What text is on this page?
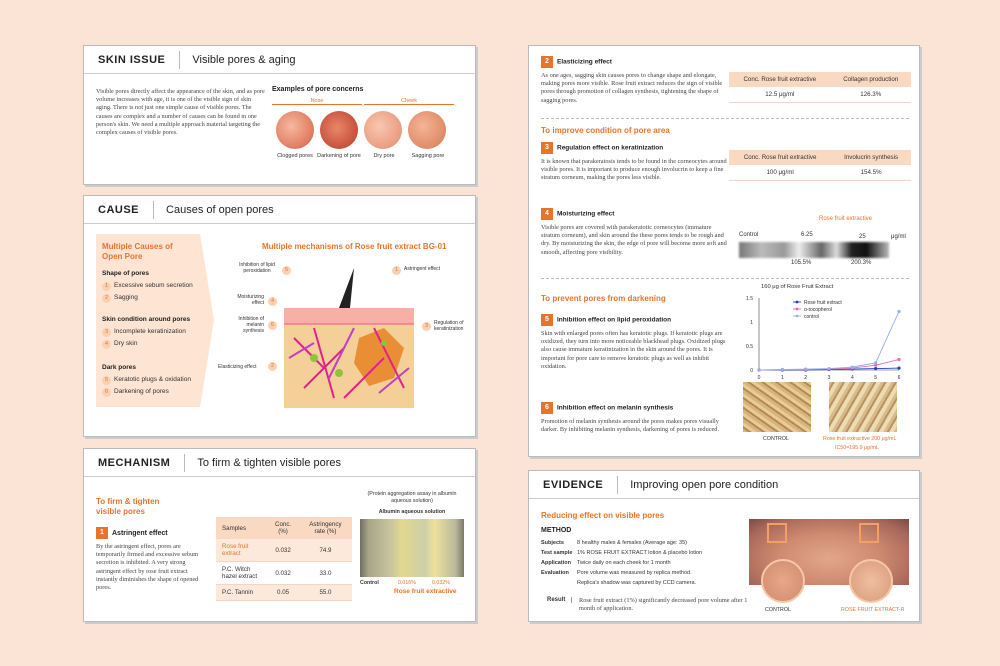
SKIN ISSUE	Visible pores & aging
Visible pores directly affect the appearance of the skin, and as pore volume increases with age, it is one of the visible sign of skin aging. There is not just one simple cause of visible pores. The causes are complex and a number of causes can be found in one person's skin. We need a multiple approach material targeting the complex causes of visible pores.
Examples of pore concerns
Nose	Cheek
Clogged pores Darkening of pore	Dry pore	Sagging pore
CAUSE	Causes of open pores
Multiple Causes of Open Pore
Shape of pores
1 Excessive sebum secretion
2 Sagging
Skin condition around pores
3 Incomplete keratinization
4 Dry skin
Dark pores
5 Keratotic plugs & oxidation
6 Darkening of pores
Multiple mechanisms of Rose fruit extract BG-01
Inhibition of lipid peroxidation	5	1	Astringent effect
Moisturizing effect	4
Inhibition of melanin synthesis
6	3	Regulation of keratinization
Elasticizing effect	2
MECHANISM	To firm & tighten visible pores
To firm & tighten visible pores
1 Astringent effect
By the astringent effect, pores are temporarily firmed and excessive sebum secretion is inhibited. A very strong astringent effect by rose fruit extract instantly diminishes the shape of opened pores.
Samples	Conc.(%)	Astringency rate (%)
Rose fruit extract	0.032	74.9
P.C. Witch hazel extract	0.032	33.0
P.C. Tannin	0.05	55.0
(Protein aggregation assay in albumin aqueous solution)
Albumin aqueous solution
Control	0.016%	0.032%
Rose fruit extractive
2 Elasticizing effect
As one ages, sagging skin causes pores to change shape and elongate, making pores more visible. Rose fruit extract reduces the sign of visible pores through promotion of collagen synthesis, tightening the shape of sagging pores.
Conc. Rose fruit extractive	Collagen production
12.5 μg/ml	126.3%
To improve condition of pore area
3 Regulation effect on keratinization
It is known that parakeratosis tends to be found in the corneocytes around visible pores. It is important to produce enough involucrin to keep a fine stratum corneum, making the pores less visible.
Conc. Rose fruit extractive	Involucrin synthesis
100 μg/ml	154.5%
4 Moisturizing effect
Visible pores are covered with parakeratotic corneocytes (immature stratum corneum), and skin around the these pores tends to be rough and dry. By moisturizing the skin, the edge of pore will become more soft and smooth, affecting pore visibility.
Rose fruit extractive
Control	6.25	25	μg/ml
105.5%	200.3%
To prevent pores from darkening
5 Inhibition effect on lipid peroxidation
Skin with enlarged pores often has keratotic plugs. If keratotic plugs are oxidized, they turn into more noticeable blackhead plugs. Oxidized plugs also cause immature keratinization in the skin around the pores. It is important for pore care to remove keratotic plugs as well as inhibit oxidation.
6 Inhibition effect on melanin synthesis
Promotion of melanin synthesis around the pores makes pores visually darker. By inhibiting melanin synthesis, darkening of pores is reduced.
160 μg of Rose Fruit Extract
0
0.5
1
1.5
0	1	2	3	4	5	6
Rose fruit extract
α-tocopherol
control
CONTROL	Rose fruit extractive 200 μg/mL
IC50=195.9 μg/mL
EVIDENCE	Improving open pore condition
Reducing effect on visible pores
METHOD
Subjects 8 healthy males & females (Average age: 35)
Test sample 1% ROSE FRUIT EXTRACT lotion & placebo lotion
Application Twice daily on each cheek for 1 month
Evaluation Pore volume was measured by replica method.
Replica's shadow was captured by CCD camera.
Result	Rose fruit extract (1%) significantly decreased pore volume after 1 month of application.	CONTROL	ROSE FRUIT EXTRACT-R
